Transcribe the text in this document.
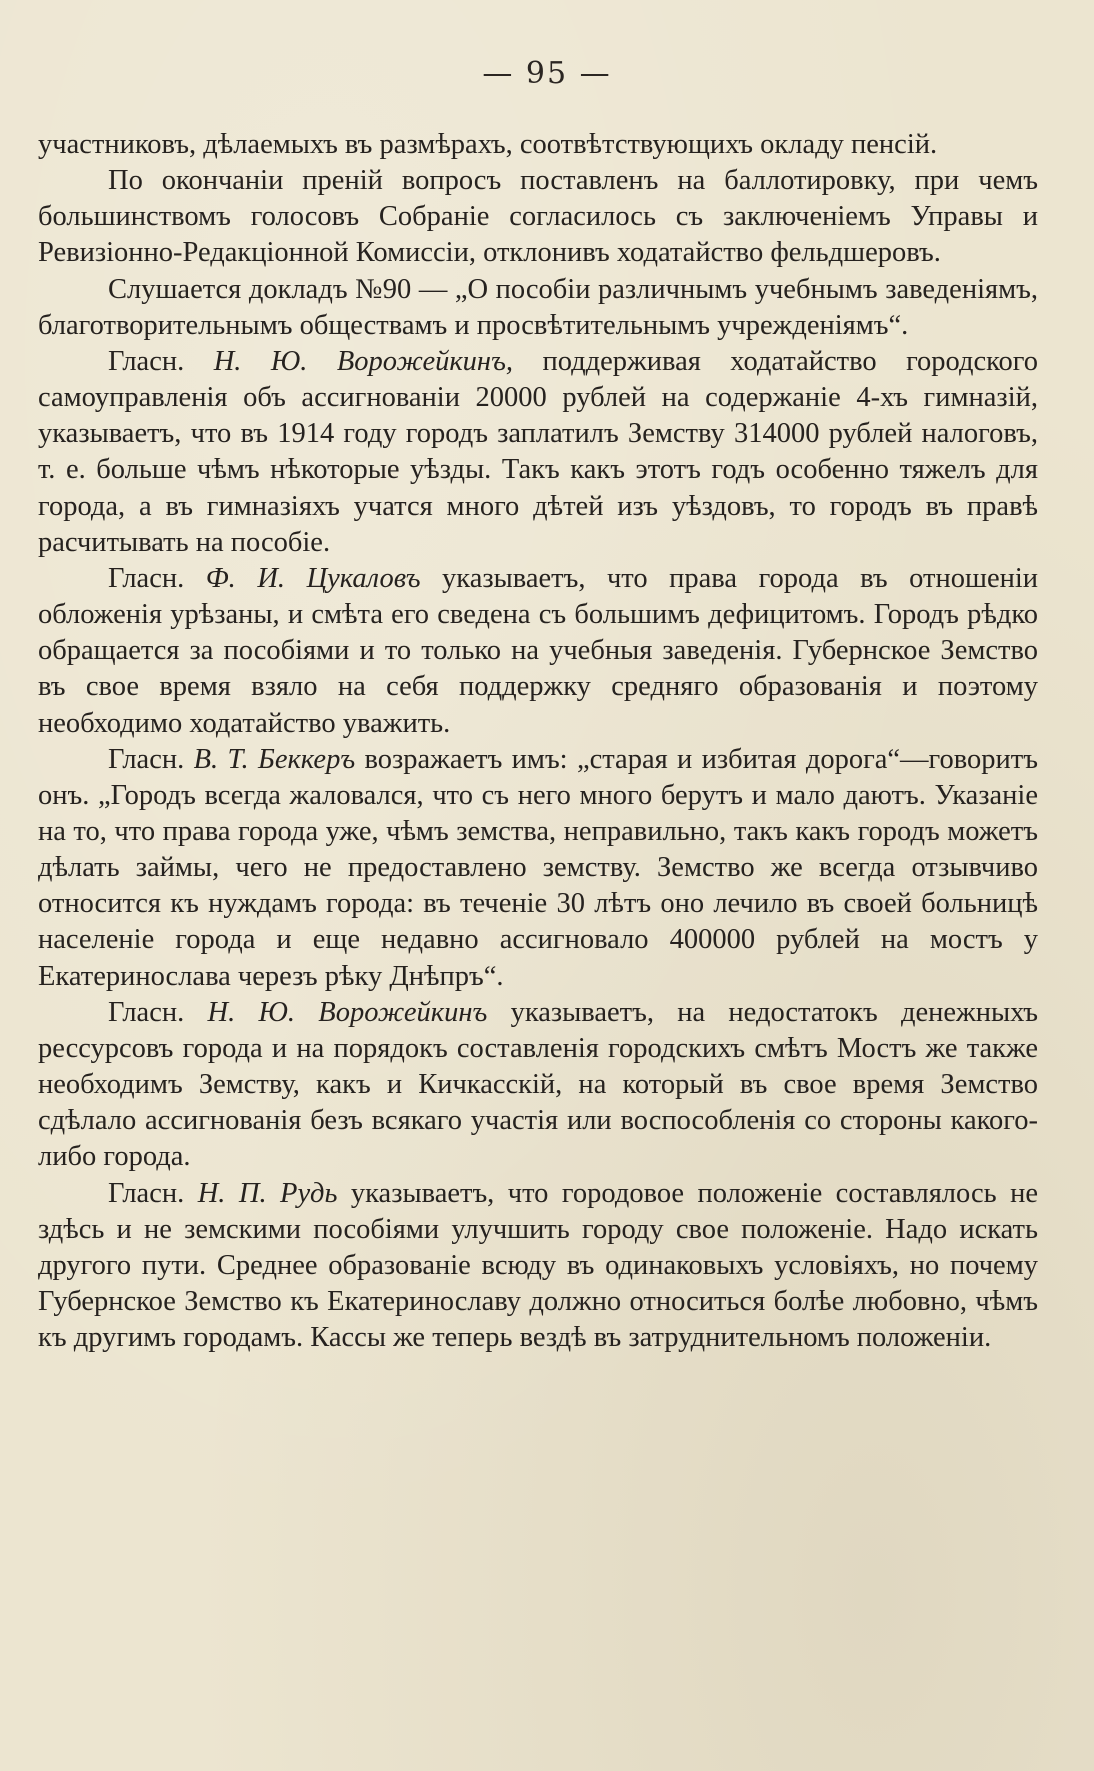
— 95 —

участниковъ, дѣлаемыхъ въ размѣрахъ, соотвѣтствующихъ окладу пенсій.

По окончаніи преній вопросъ поставленъ на баллотировку, при чемъ большинствомъ голосовъ Собраніе согласилось съ заключеніемъ Управы и Ревизіонно-Редакціонной Комиссіи, отклонивъ ходатайство фельдшеровъ.

Слушается докладъ №90 — „О пособіи различнымъ учебнымъ заведеніямъ, благотворительнымъ обществамъ и просвѣтительнымъ учрежденіямъ“.

Гласн. Н. Ю. Ворожейкинъ, поддерживая ходатайство городского самоуправленія объ ассигнованіи 20000 рублей на содержаніе 4-хъ гимназій, указываетъ, что въ 1914 году городъ заплатилъ Земству 314000 рублей налоговъ, т. е. больше чѣмъ нѣкоторые уѣзды. Такъ какъ этотъ годъ особенно тяжелъ для города, а въ гимназіяхъ учатся много дѣтей изъ уѣздовъ, то городъ въ правѣ расчитывать на пособіе.

Гласн. Ф. И. Цукаловъ указываетъ, что права города въ отношеніи обложенія урѣзаны, и смѣта его сведена съ большимъ дефицитомъ. Городъ рѣдко обращается за пособіями и то только на учебныя заведенія. Губернское Земство въ свое время взяло на себя поддержку средняго образованія и поэтому необходимо ходатайство уважить.

Гласн. В. Т. Беккеръ возражаетъ имъ: „старая и избитая дорога“—говоритъ онъ. „Городъ всегда жаловался, что съ него много берутъ и мало даютъ. Указаніе на то, что права города уже, чѣмъ земства, неправильно, такъ какъ городъ можетъ дѣлать займы, чего не предоставлено земству. Земство же всегда отзывчиво относится къ нуждамъ города: въ теченіе 30 лѣтъ оно лечило въ своей больницѣ населеніе города и еще недавно ассигновало 400000 рублей на мостъ у Екатеринослава черезъ рѣку Днѣпръ“.

Гласн. Н. Ю. Ворожейкинъ указываетъ, на недостатокъ денежныхъ рессурсовъ города и на порядокъ составленія городскихъ смѣтъ Мостъ же также необходимъ Земству, какъ и Кичкасскій, на который въ свое время Земство сдѣлало ассигнованія безъ всякаго участія или воспособленія со стороны какого-либо города.

Гласн. Н. П. Рудь указываетъ, что городовое положеніе составлялось не здѣсь и не земскими пособіями улучшить городу свое положеніе. Надо искать другого пути. Среднее образованіе всюду въ одинаковыхъ условіяхъ, но почему Губернское Земство къ Екатеринославу должно относиться болѣе любовно, чѣмъ къ другимъ городамъ. Кассы же теперь вездѣ въ затруднительномъ положеніи.
